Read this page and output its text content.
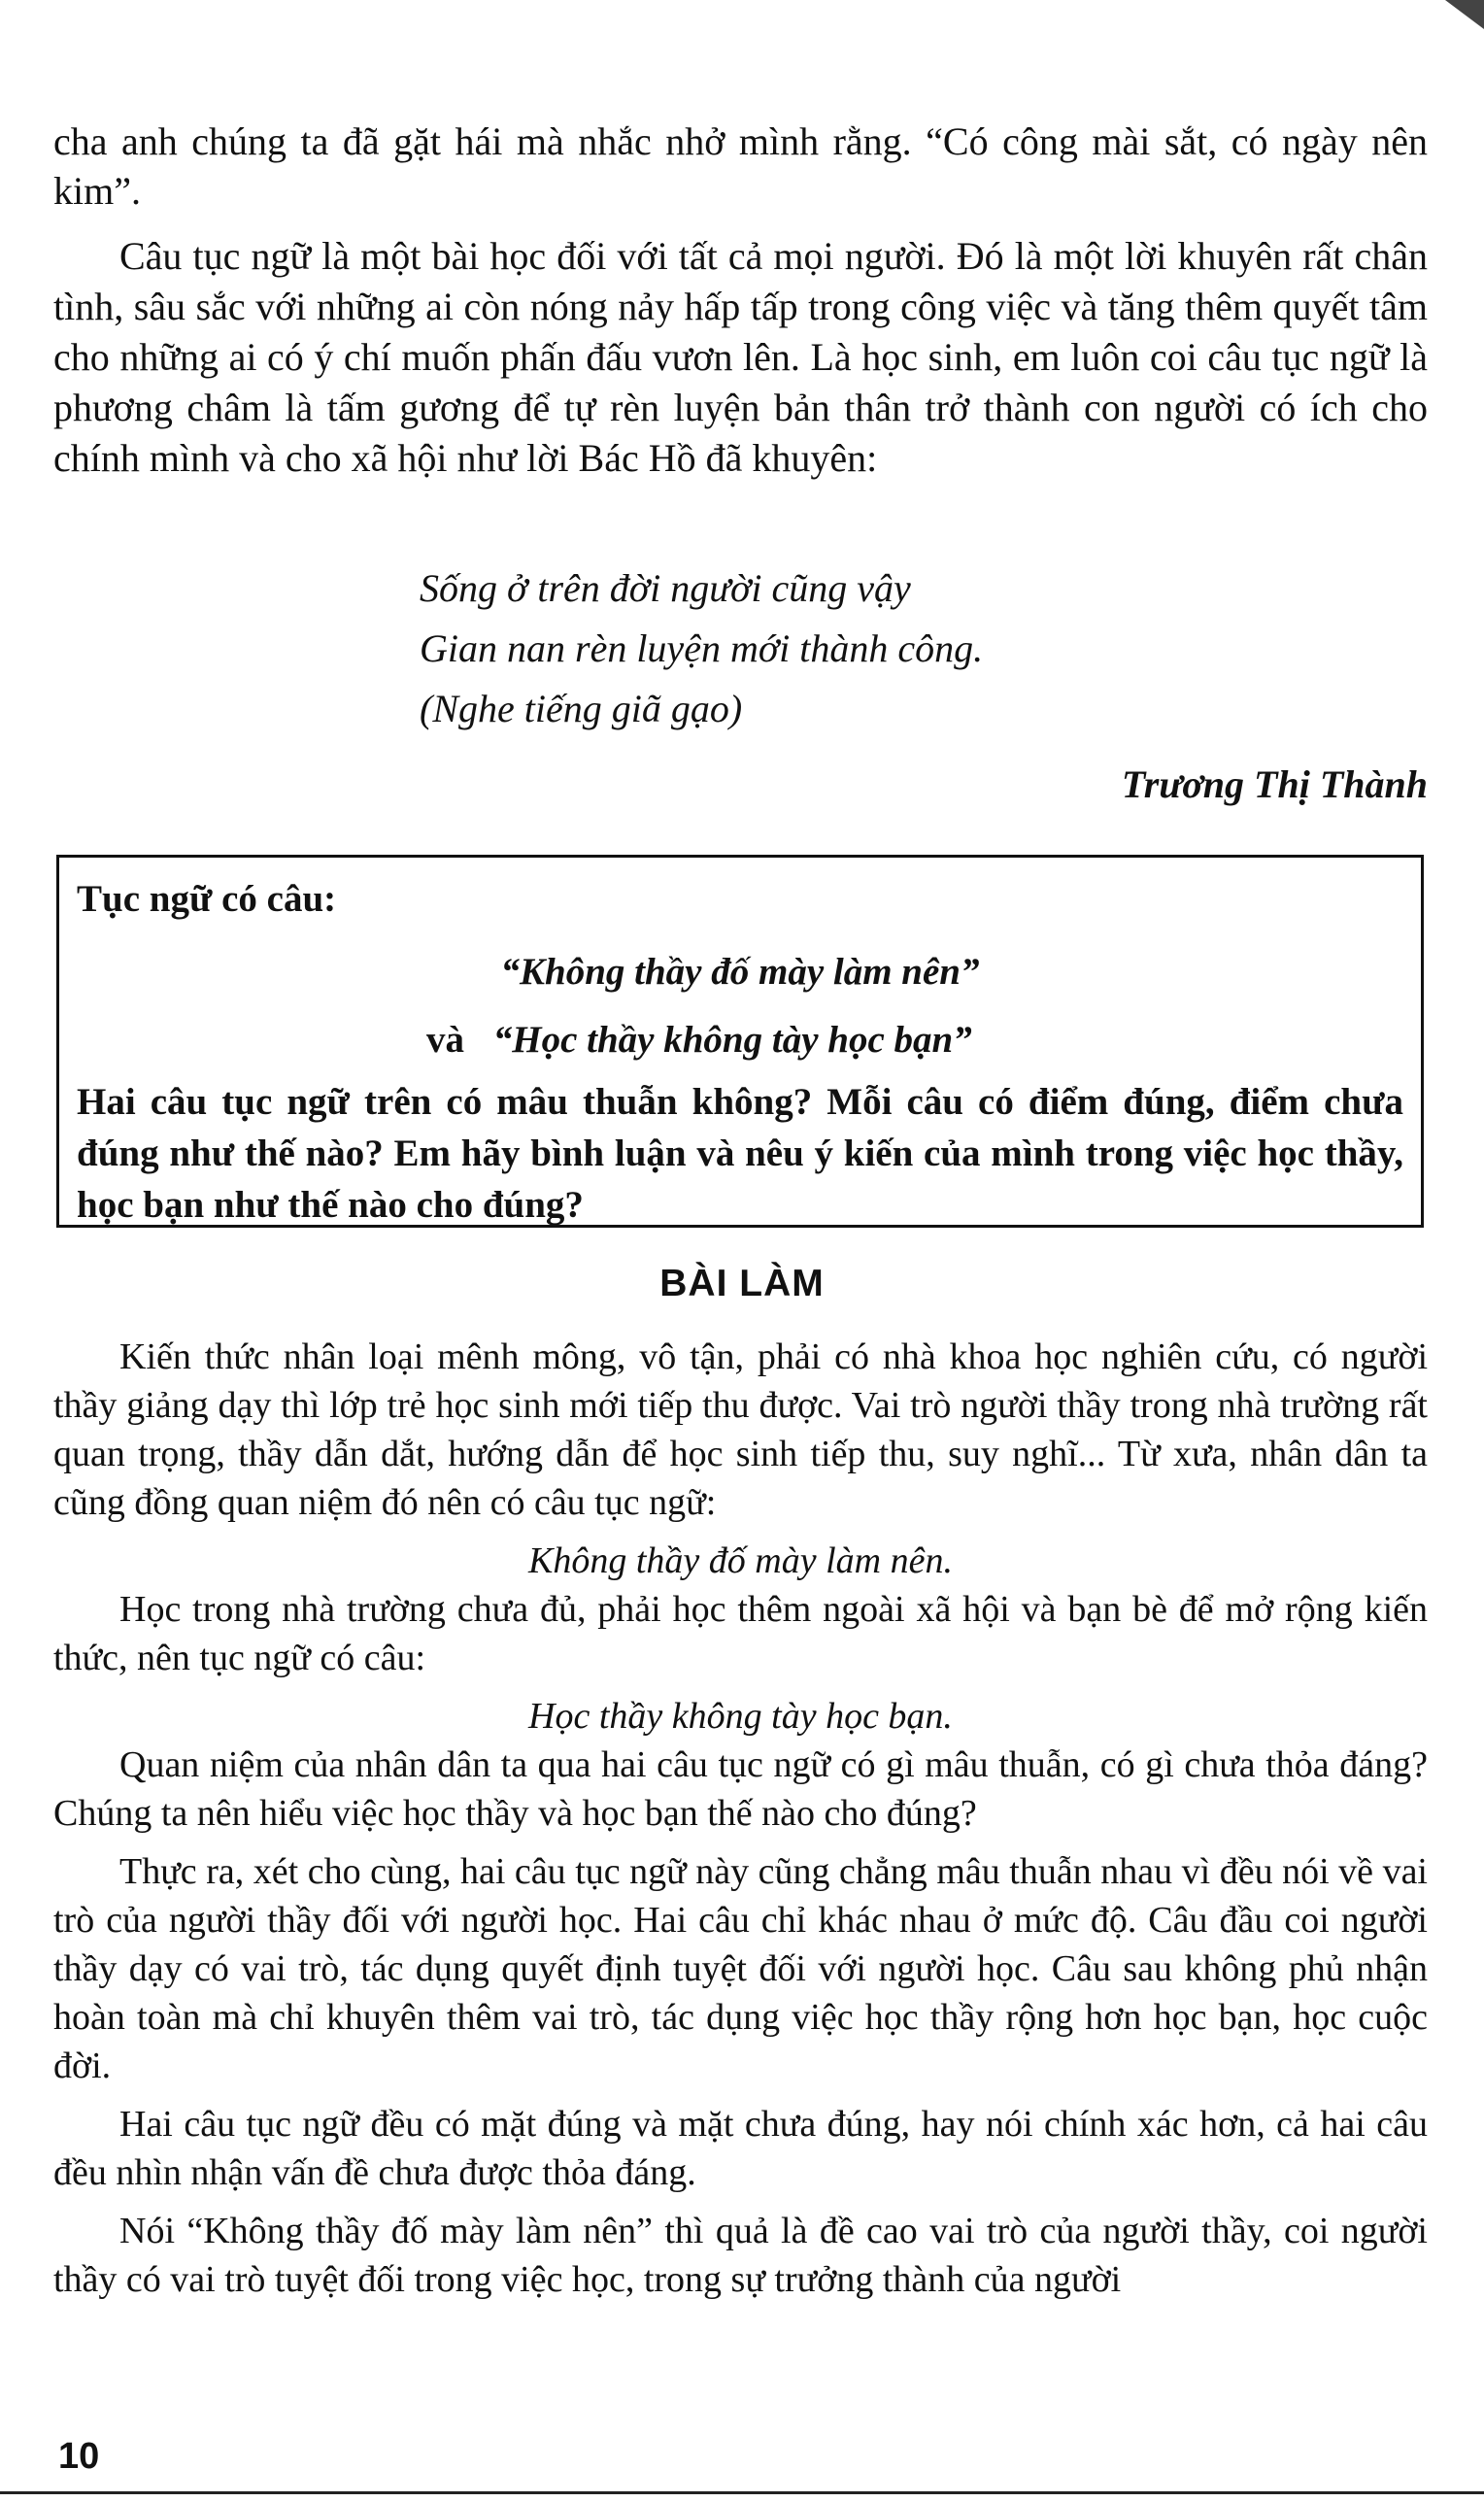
cha anh chúng ta đã gặt hái mà nhắc nhở mình rằng. “Có công mài sắt, có ngày nên kim”.

Câu tục ngữ là một bài học đối với tất cả mọi người. Đó là một lời khuyên rất chân tình, sâu sắc với những ai còn nóng nảy hấp tấp trong công việc và tăng thêm quyết tâm cho những ai có ý chí muốn phấn đấu vươn lên. Là học sinh, em luôn coi câu tục ngữ là phương châm là tấm gương để tự rèn luyện bản thân trở thành con người có ích cho chính mình và cho xã hội như lời Bác Hồ đã khuyên:

Sống ở trên đời người cũng vậy
Gian nan rèn luyện mới thành công.
(Nghe tiếng giã gạo)
Trương Thị Thành
Tục ngữ có câu:
“Không thầy đố mày làm nên”
và “Học thầy không tày học bạn”
Hai câu tục ngữ trên có mâu thuẫn không? Mỗi câu có điểm đúng, điểm chưa đúng như thế nào? Em hãy bình luận và nêu ý kiến của mình trong việc học thầy, học bạn như thế nào cho đúng?
BÀI LÀM

Kiến thức nhân loại mênh mông, vô tận, phải có nhà khoa học nghiên cứu, có người thầy giảng dạy thì lớp trẻ học sinh mới tiếp thu được. Vai trò người thầy trong nhà trường rất quan trọng, thầy dẫn dắt, hướng dẫn để học sinh tiếp thu, suy nghĩ... Từ xưa, nhân dân ta cũng đồng quan niệm đó nên có câu tục ngữ:

Không thầy đố mày làm nên.

Học trong nhà trường chưa đủ, phải học thêm ngoài xã hội và bạn bè để mở rộng kiến thức, nên tục ngữ có câu:

Học thầy không tày học bạn.

Quan niệm của nhân dân ta qua hai câu tục ngữ có gì mâu thuẫn, có gì chưa thỏa đáng? Chúng ta nên hiểu việc học thầy và học bạn thế nào cho đúng?

Thực ra, xét cho cùng, hai câu tục ngữ này cũng chẳng mâu thuẫn nhau vì đều nói về vai trò của người thầy đối với người học. Hai câu chỉ khác nhau ở mức độ. Câu đầu coi người thầy dạy có vai trò, tác dụng quyết định tuyệt đối với người học. Câu sau không phủ nhận hoàn toàn mà chỉ khuyên thêm vai trò, tác dụng việc học thầy rộng hơn học bạn, học cuộc đời.

Hai câu tục ngữ đều có mặt đúng và mặt chưa đúng, hay nói chính xác hơn, cả hai câu đều nhìn nhận vấn đề chưa được thỏa đáng.

Nói “Không thầy đố mày làm nên” thì quả là đề cao vai trò của người thầy, coi người thầy có vai trò tuyệt đối trong việc học, trong sự trưởng thành của người

10
